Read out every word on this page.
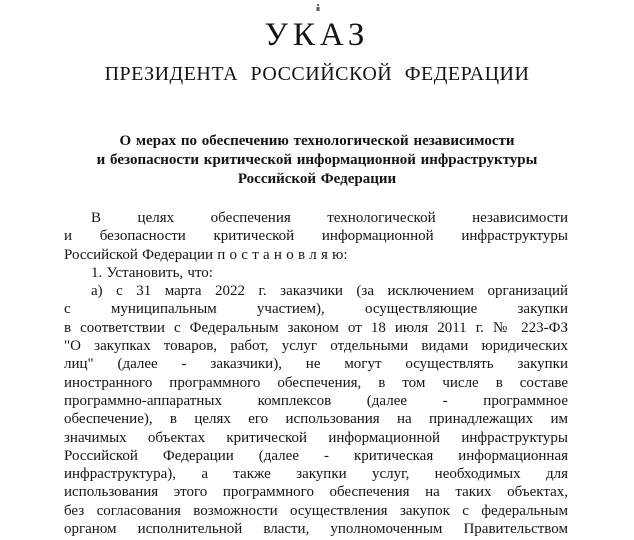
УКАЗ
ПРЕЗИДЕНТА РОССИЙСКОЙ ФЕДЕРАЦИИ
О мерах по обеспечению технологической независимости
и безопасности критической информационной инфраструктуры
Российской Федерации
В целях обеспечения технологической независимости
и безопасности критической информационной инфраструктуры
Российской Федерации п о с т а н о в л я ю:
1. Установить, что:
а) с 31 марта 2022 г. заказчики (за исключением организаций
с муниципальным участием), осуществляющие закупки
в соответствии с Федеральным законом от 18 июля 2011 г. № 223-ФЗ
"О закупках товаров, работ, услуг отдельными видами юридических
лиц" (далее - заказчики), не могут осуществлять закупки
иностранного программного обеспечения, в том числе в составе
программно-аппаратных комплексов (далее - программное
обеспечение), в целях его использования на принадлежащих им
значимых объектах критической информационной инфраструктуры
Российской Федерации (далее - критическая информационная
инфраструктура), а также закупки услуг, необходимых для
использования этого программного обеспечения на таких объектах,
без согласования возможности осуществления закупок с федеральным
органом исполнительной власти, уполномоченным Правительством
